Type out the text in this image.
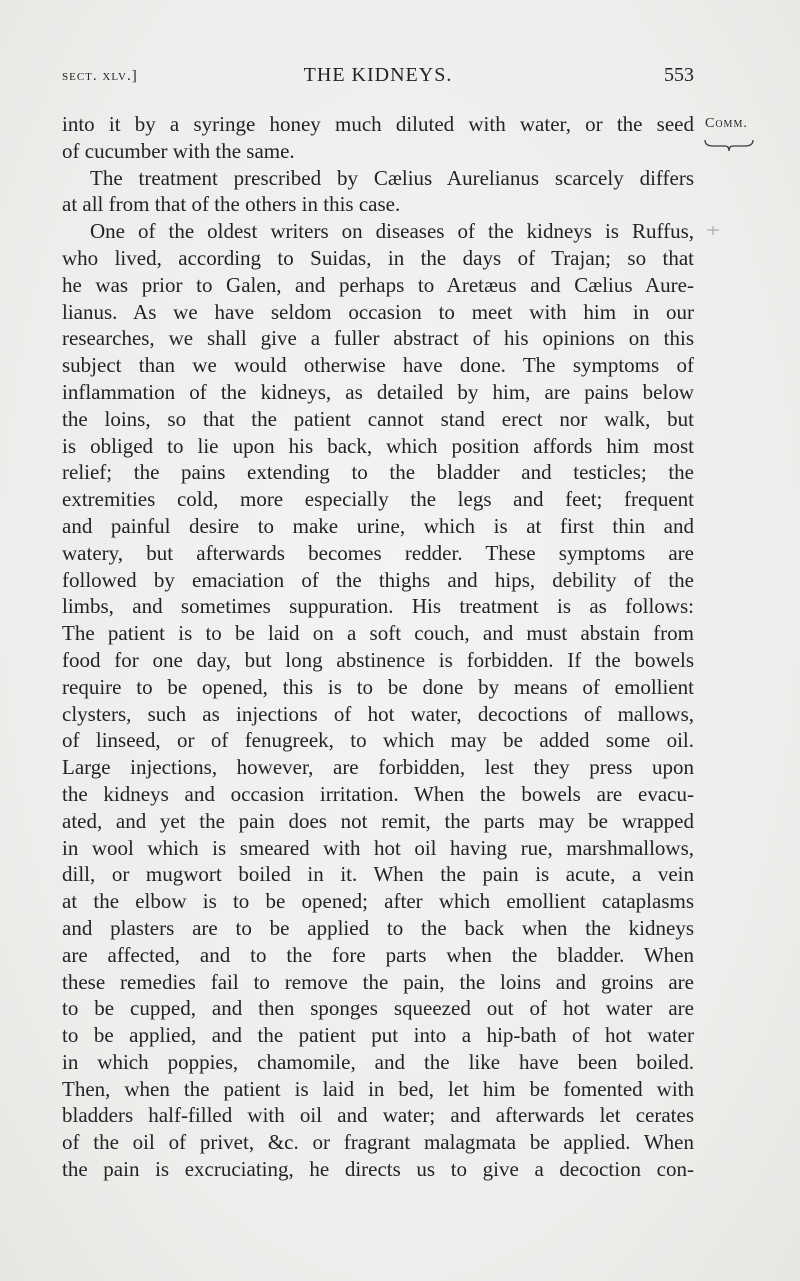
sect. xlv.]	THE KIDNEYS.	553
Comm.
into it by a syringe honey much diluted with water, or the seed
of cucumber with the same.
The treatment prescribed by Cælius Aurelianus scarcely differs
at all from that of the others in this case.
One of the oldest writers on diseases of the kidneys is Ruffus,
who lived, according to Suidas, in the days of Trajan; so that
he was prior to Galen, and perhaps to Aretæus and Cælius Aure-
lianus. As we have seldom occasion to meet with him in our
researches, we shall give a fuller abstract of his opinions on this
subject than we would otherwise have done. The symptoms of
inflammation of the kidneys, as detailed by him, are pains below
the loins, so that the patient cannot stand erect nor walk, but
is obliged to lie upon his back, which position affords him most
relief; the pains extending to the bladder and testicles; the
extremities cold, more especially the legs and feet; frequent
and painful desire to make urine, which is at first thin and
watery, but afterwards becomes redder. These symptoms are
followed by emaciation of the thighs and hips, debility of the
limbs, and sometimes suppuration. His treatment is as follows:
The patient is to be laid on a soft couch, and must abstain from
food for one day, but long abstinence is forbidden. If the bowels
require to be opened, this is to be done by means of emollient
clysters, such as injections of hot water, decoctions of mallows,
of linseed, or of fenugreek, to which may be added some oil.
Large injections, however, are forbidden, lest they press upon
the kidneys and occasion irritation. When the bowels are evacu-
ated, and yet the pain does not remit, the parts may be wrapped
in wool which is smeared with hot oil having rue, marshmallows,
dill, or mugwort boiled in it. When the pain is acute, a vein
at the elbow is to be opened; after which emollient cataplasms
and plasters are to be applied to the back when the kidneys
are affected, and to the fore parts when the bladder. When
these remedies fail to remove the pain, the loins and groins are
to be cupped, and then sponges squeezed out of hot water are
to be applied, and the patient put into a hip-bath of hot water
in which poppies, chamomile, and the like have been boiled.
Then, when the patient is laid in bed, let him be fomented with
bladders half-filled with oil and water; and afterwards let cerates
of the oil of privet, &c. or fragrant malagmata be applied. When
the pain is excruciating, he directs us to give a decoction con-
